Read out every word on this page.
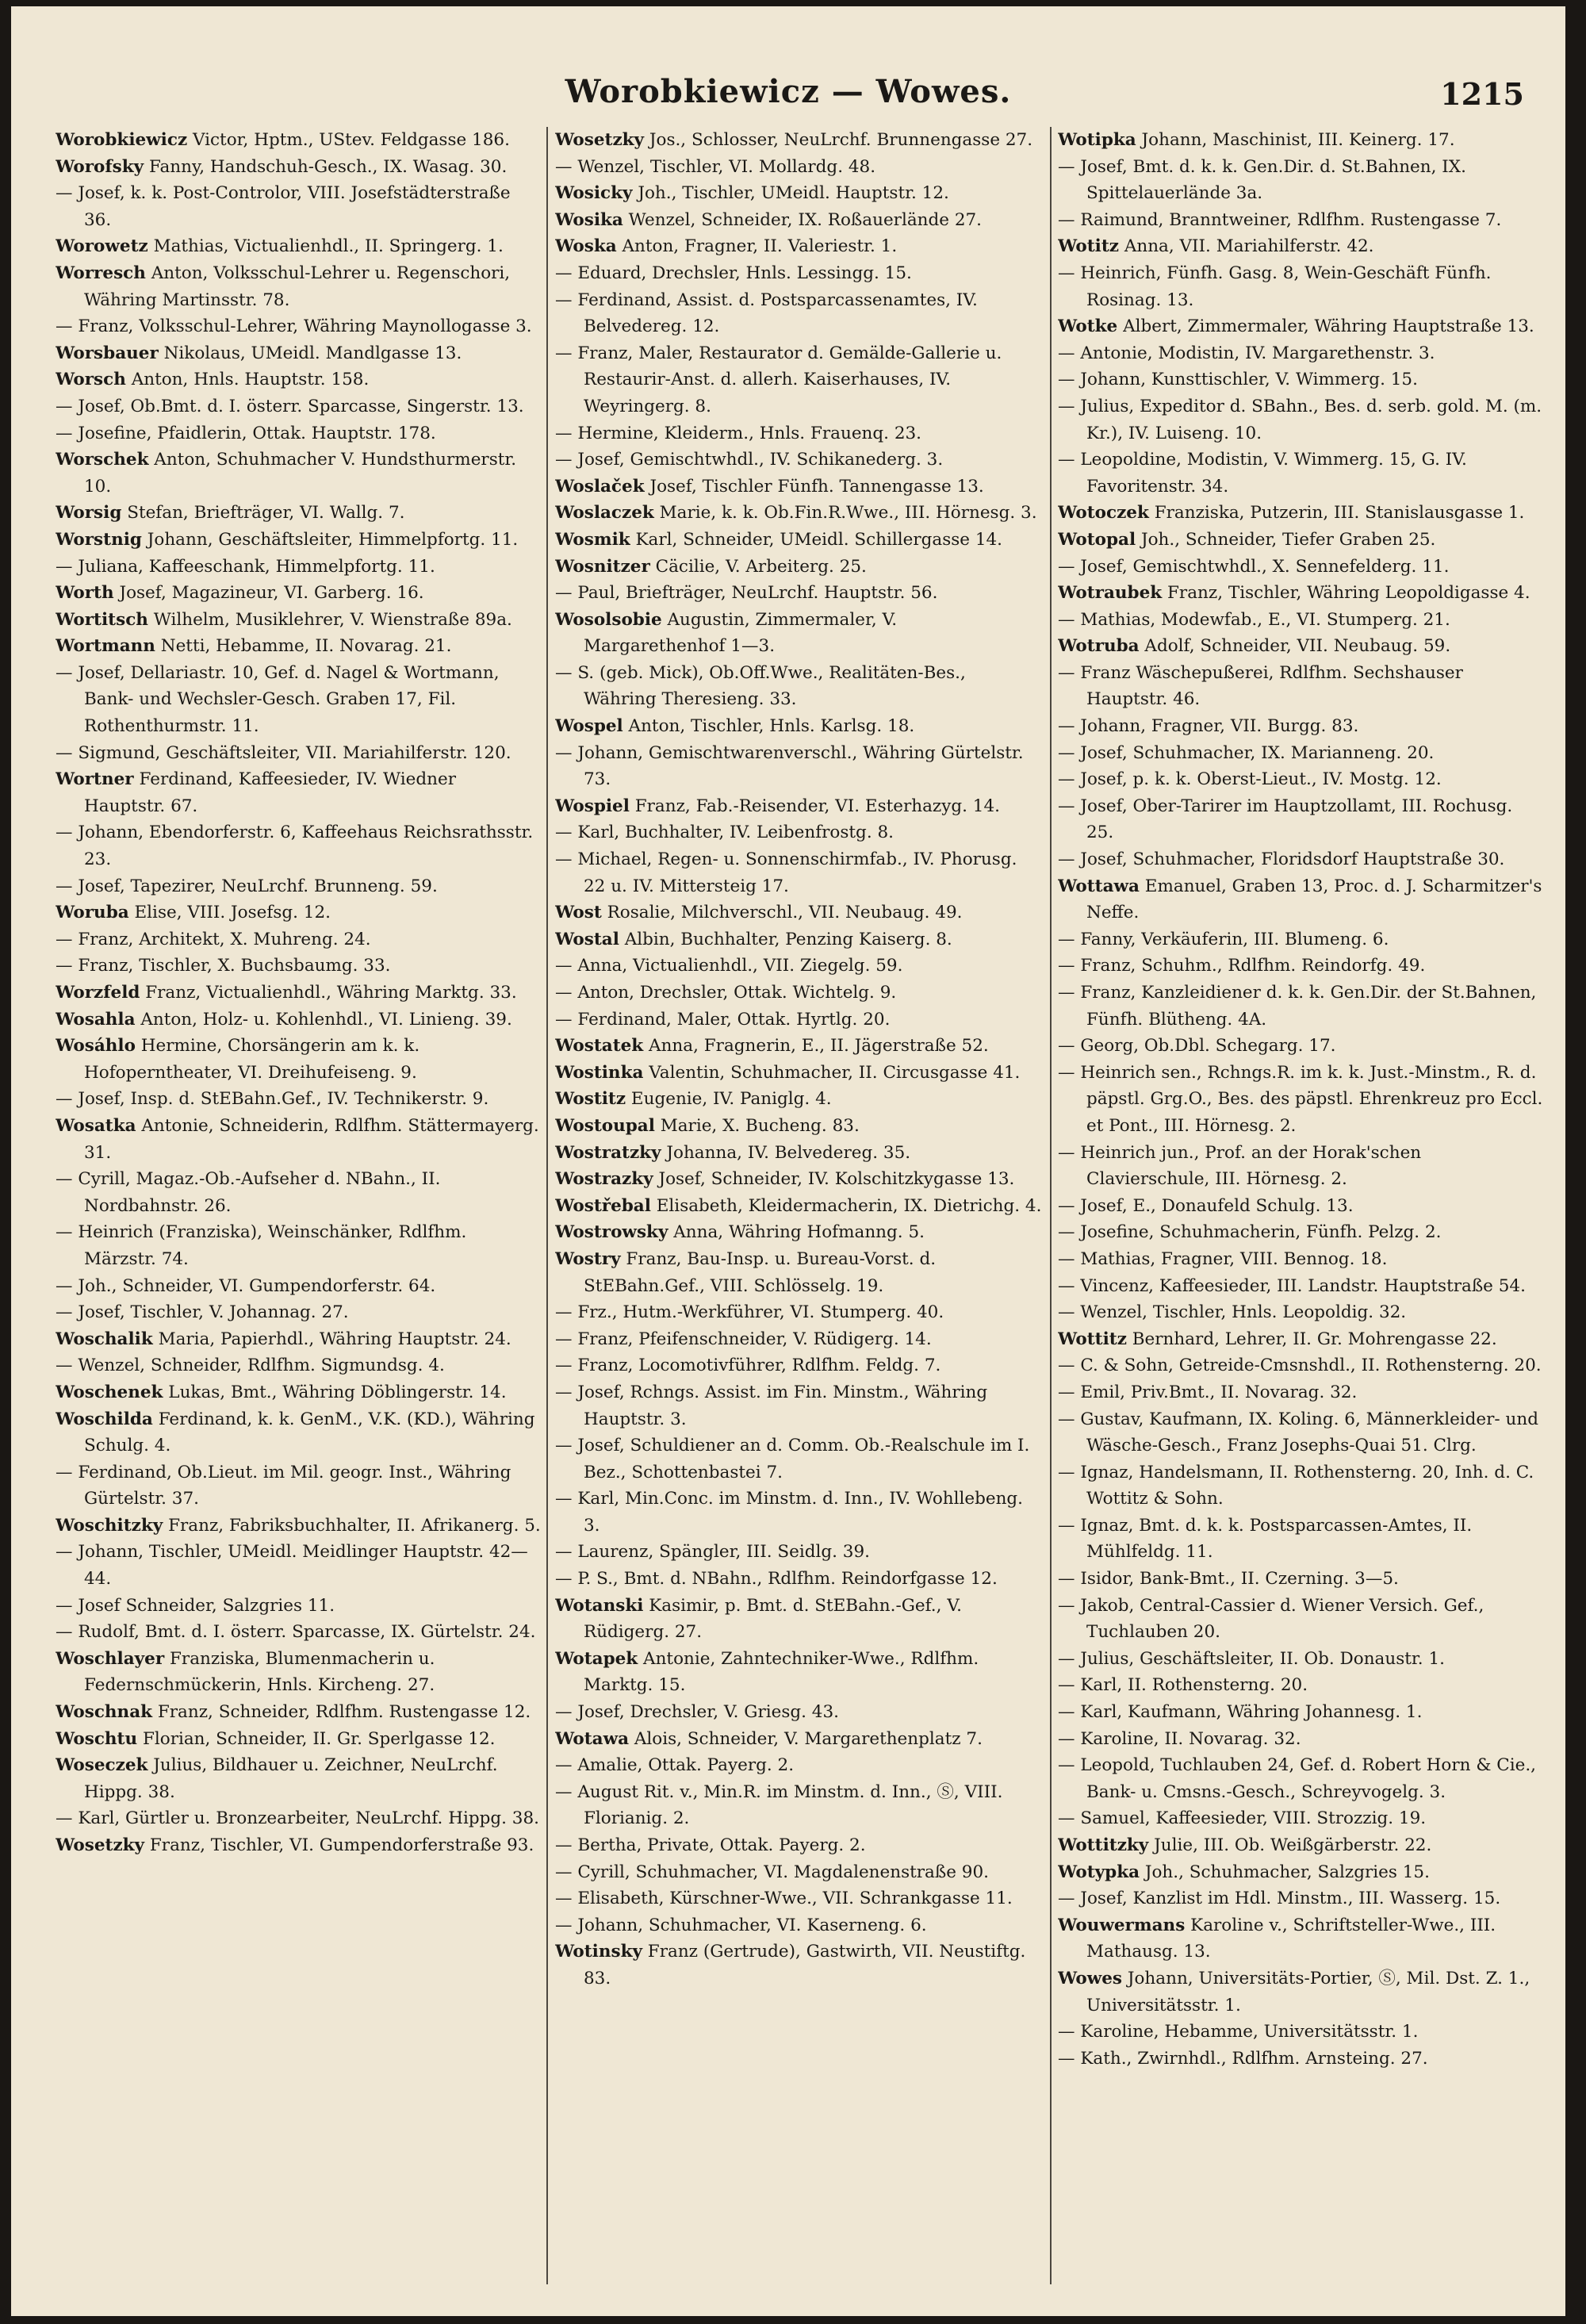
Worobkiewicz — Wowes.	1215

Worobkiewicz Victor, Hptm., UStev. Feldgasse 186.

Worofsky Fanny, Handschuh-Gesch., IX. Wasag. 30.

— Josef, k. k. Post-Controlor, VIII. Josefstädterstraße 36.

Worowetz Mathias, Victualienhdl., II. Springerg. 1.

Worresch Anton, Volksschul-Lehrer u. Regenschori, Währing Martinsstr. 78.

— Franz, Volksschul-Lehrer, Währing Maynollogasse 3.

Worsbauer Nikolaus, UMeidl. Mandlgasse 13.

Worsch Anton, Hnls. Hauptstr. 158.

— Josef, Ob.Bmt. d. I. österr. Sparcasse, Singerstr. 13.

— Josefine, Pfaidlerin, Ottak. Hauptstr. 178.

Worschek Anton, Schuhmacher V. Hundsthurmerstr. 10.

Worsig Stefan, Briefträger, VI. Wallg. 7.

Worstnig Johann, Geschäftsleiter, Himmelpfortg. 11.

— Juliana, Kaffeeschank, Himmelpfortg. 11.

Worth Josef, Magazineur, VI. Garberg. 16.

Wortitsch Wilhelm, Musiklehrer, V. Wienstraße 89a.

Wortmann Netti, Hebamme, II. Novarag. 21.

— Josef, Dellariastr. 10, Gef. d. Nagel & Wortmann, Bank- und Wechsler-Gesch. Graben 17, Fil. Rothenthurmstr. 11.

— Sigmund, Geschäftsleiter, VII. Mariahilferstr. 120.

Wortner Ferdinand, Kaffeesieder, IV. Wiedner Hauptstr. 67.

— Johann, Ebendorferstr. 6, Kaffeehaus Reichsrathsstr. 23.

— Josef, Tapezirer, NeuLrchf. Brunneng. 59.

Woruba Elise, VIII. Josefsg. 12.

— Franz, Architekt, X. Muhreng. 24.

— Franz, Tischler, X. Buchsbaumg. 33.

Worzfeld Franz, Victualienhdl., Währing Marktg. 33.

Wosahla Anton, Holz- u. Kohlenhdl., VI. Linieng. 39.

Wosáhlo Hermine, Chorsängerin am k. k. Hofoperntheater, VI. Dreihufeiseng. 9.

— Josef, Insp. d. StEBahn.Gef., IV. Technikerstr. 9.

Wosatka Antonie, Schneiderin, Rdlfhm. Stättermayerg. 31.

— Cyrill, Magaz.-Ob.-Aufseher d. NBahn., II. Nordbahnstr. 26.

— Heinrich (Franziska), Weinschänker, Rdlfhm. Märzstr. 74.

— Joh., Schneider, VI. Gumpendorferstr. 64.

— Josef, Tischler, V. Johannag. 27.

Woschalik Maria, Papierhdl., Währing Hauptstr. 24.

— Wenzel, Schneider, Rdlfhm. Sigmundsg. 4.

Woschenek Lukas, Bmt., Währing Döblingerstr. 14.

Woschilda Ferdinand, k. k. GenM., V.K. (KD.), Währing Schulg. 4.

— Ferdinand, Ob.Lieut. im Mil. geogr. Inst., Währing Gürtelstr. 37.

Woschitzky Franz, Fabriksbuchhalter, II. Afrikanerg. 5.

— Johann, Tischler, UMeidl. Meidlinger Hauptstr. 42—44.

— Josef Schneider, Salzgries 11.

— Rudolf, Bmt. d. I. österr. Sparcasse, IX. Gürtelstr. 24.

Woschlayer Franziska, Blumenmacherin u. Federnschmückerin, Hnls. Kircheng. 27.

Woschnak Franz, Schneider, Rdlfhm. Rustengasse 12.

Woschtu Florian, Schneider, II. Gr. Sperlgasse 12.

Woseczek Julius, Bildhauer u. Zeichner, NeuLrchf. Hippg. 38.

— Karl, Gürtler u. Bronzearbeiter, NeuLrchf. Hippg. 38.

Wosetzky Franz, Tischler, VI. Gumpendorferstraße 93.

Wosetzky Jos., Schlosser, NeuLrchf. Brunnengasse 27.

— Wenzel, Tischler, VI. Mollardg. 48.

Wosicky Joh., Tischler, UMeidl. Hauptstr. 12.

Wosika Wenzel, Schneider, IX. Roßauerlände 27.

Woska Anton, Fragner, II. Valeriestr. 1.

— Eduard, Drechsler, Hnls. Lessingg. 15.

— Ferdinand, Assist. d. Postsparcassenamtes, IV. Belvedereg. 12.

— Franz, Maler, Restaurator d. Gemälde-Gallerie u. Restaurir-Anst. d. allerh. Kaiserhauses, IV. Weyringerg. 8.

— Hermine, Kleiderm., Hnls. Frauenq. 23.

— Josef, Gemischtwhdl., IV. Schikanederg. 3.

Woslaček Josef, Tischler Fünfh. Tannengasse 13.

Woslaczek Marie, k. k. Ob.Fin.R.Wwe., III. Hörnesg. 3.

Wosmik Karl, Schneider, UMeidl. Schillergasse 14.

Wosnitzer Cäcilie, V. Arbeiterg. 25.

— Paul, Briefträger, NeuLrchf. Hauptstr. 56.

Wosolsobie Augustin, Zimmermaler, V. Margarethenhof 1—3.

— S. (geb. Mick), Ob.Off.Wwe., Realitäten-Bes., Währing Theresieng. 33.

Wospel Anton, Tischler, Hnls. Karlsg. 18.

— Johann, Gemischtwarenverschl., Währing Gürtelstr. 73.

Wospiel Franz, Fab.-Reisender, VI. Esterhazyg. 14.

— Karl, Buchhalter, IV. Leibenfrostg. 8.

— Michael, Regen- u. Sonnenschirmfab., IV. Phorusg. 22 u. IV. Mittersteig 17.

Wost Rosalie, Milchverschl., VII. Neubaug. 49.

Wostal Albin, Buchhalter, Penzing Kaiserg. 8.

— Anna, Victualienhdl., VII. Ziegelg. 59.

— Anton, Drechsler, Ottak. Wichtelg. 9.

— Ferdinand, Maler, Ottak. Hyrtlg. 20.

Wostatek Anna, Fragnerin, E., II. Jägerstraße 52.

Wostinka Valentin, Schuhmacher, II. Circusgasse 41.

Wostitz Eugenie, IV. Paniglg. 4.

Wostoupal Marie, X. Bucheng. 83.

Wostratzky Johanna, IV. Belvedereg. 35.

Wostrazky Josef, Schneider, IV. Kolschitzkygasse 13.

Wostřebal Elisabeth, Kleidermacherin, IX. Dietrichg. 4.

Wostrowsky Anna, Währing Hofmanng. 5.

Wostry Franz, Bau-Insp. u. Bureau-Vorst. d. StEBahn.Gef., VIII. Schlösselg. 19.

— Frz., Hutm.-Werkführer, VI. Stumperg. 40.

— Franz, Pfeifenschneider, V. Rüdigerg. 14.

— Franz, Locomotivführer, Rdlfhm. Feldg. 7.

— Josef, Rchngs. Assist. im Fin. Minstm., Währing Hauptstr. 3.

— Josef, Schuldiener an d. Comm. Ob.-Realschule im I. Bez., Schottenbastei 7.

— Karl, Min.Conc. im Minstm. d. Inn., IV. Wohllebeng. 3.

— Laurenz, Spängler, III. Seidlg. 39.

— P. S., Bmt. d. NBahn., Rdlfhm. Reindorfgasse 12.

Wotanski Kasimir, p. Bmt. d. StEBahn.-Gef., V. Rüdigerg. 27.

Wotapek Antonie, Zahntechniker-Wwe., Rdlfhm. Marktg. 15.

— Josef, Drechsler, V. Griesg. 43.

Wotawa Alois, Schneider, V. Margarethenplatz 7.

— Amalie, Ottak. Payerg. 2.

— August Rit. v., Min.R. im Minstm. d. Inn., Ⓢ, VIII. Florianig. 2.

— Bertha, Private, Ottak. Payerg. 2.

— Cyrill, Schuhmacher, VI. Magdalenenstraße 90.

— Elisabeth, Kürschner-Wwe., VII. Schrankgasse 11.

— Johann, Schuhmacher, VI. Kaserneng. 6.

Wotinsky Franz (Gertrude), Gastwirth, VII. Neustiftg. 83.

Wotipka Johann, Maschinist, III. Keinerg. 17.

— Josef, Bmt. d. k. k. Gen.Dir. d. St.Bahnen, IX. Spittelauerlände 3a.

— Raimund, Branntweiner, Rdlfhm. Rustengasse 7.

Wotitz Anna, VII. Mariahilferstr. 42.

— Heinrich, Fünfh. Gasg. 8, Wein-Geschäft Fünfh. Rosinag. 13.

Wotke Albert, Zimmermaler, Währing Hauptstraße 13.

— Antonie, Modistin, IV. Margarethenstr. 3.

— Johann, Kunsttischler, V. Wimmerg. 15.

— Julius, Expeditor d. SBahn., Bes. d. serb. gold. M. (m. Kr.), IV. Luiseng. 10.

— Leopoldine, Modistin, V. Wimmerg. 15, G. IV. Favoritenstr. 34.

Wotoczek Franziska, Putzerin, III. Stanislausgasse 1.

Wotopal Joh., Schneider, Tiefer Graben 25.

— Josef, Gemischtwhdl., X. Sennefelderg. 11.

Wotraubek Franz, Tischler, Währing Leopoldigasse 4.

— Mathias, Modewfab., E., VI. Stumperg. 21.

Wotruba Adolf, Schneider, VII. Neubaug. 59.

— Franz Wäschepußerei, Rdlfhm. Sechshauser Hauptstr. 46.

— Johann, Fragner, VII. Burgg. 83.

— Josef, Schuhmacher, IX. Marianneng. 20.

— Josef, p. k. k. Oberst-Lieut., IV. Mostg. 12.

— Josef, Ober-Tarirer im Hauptzollamt, III. Rochusg. 25.

— Josef, Schuhmacher, Floridsdorf Hauptstraße 30.

Wottawa Emanuel, Graben 13, Proc. d. J. Scharmitzer's Neffe.

— Fanny, Verkäuferin, III. Blumeng. 6.

— Franz, Schuhm., Rdlfhm. Reindorfg. 49.

— Franz, Kanzleidiener d. k. k. Gen.Dir. der St.Bahnen, Fünfh. Blütheng. 4A.

— Georg, Ob.Dbl. Schegarg. 17.

— Heinrich sen., Rchngs.R. im k. k. Just.-Minstm., R. d. päpstl. Grg.O., Bes. des päpstl. Ehrenkreuz pro Eccl. et Pont., III. Hörnesg. 2.

— Heinrich jun., Prof. an der Horak'schen Clavierschule, III. Hörnesg. 2.

— Josef, E., Donaufeld Schulg. 13.

— Josefine, Schuhmacherin, Fünfh. Pelzg. 2.

— Mathias, Fragner, VIII. Bennog. 18.

— Vincenz, Kaffeesieder, III. Landstr. Hauptstraße 54.

— Wenzel, Tischler, Hnls. Leopoldig. 32.

Wottitz Bernhard, Lehrer, II. Gr. Mohrengasse 22.

— C. & Sohn, Getreide-Cmsnshdl., II. Rothensterng. 20.

— Emil, Priv.Bmt., II. Novarag. 32.

— Gustav, Kaufmann, IX. Koling. 6, Männerkleider- und Wäsche-Gesch., Franz Josephs-Quai 51. Clrg.

— Ignaz, Handelsmann, II. Rothensterng. 20, Inh. d. C. Wottitz & Sohn.

— Ignaz, Bmt. d. k. k. Postsparcassen-Amtes, II. Mühlfeldg. 11.

— Isidor, Bank-Bmt., II. Czerning. 3—5.

— Jakob, Central-Cassier d. Wiener Versich. Gef., Tuchlauben 20.

— Julius, Geschäftsleiter, II. Ob. Donaustr. 1.

— Karl, II. Rothensterng. 20.

— Karl, Kaufmann, Währing Johannesg. 1.

— Karoline, II. Novarag. 32.

— Leopold, Tuchlauben 24, Gef. d. Robert Horn & Cie., Bank- u. Cmsns.-Gesch., Schreyvogelg. 3.

— Samuel, Kaffeesieder, VIII. Strozzig. 19.

Wottitzky Julie, III. Ob. Weißgärberstr. 22.

Wotypka Joh., Schuhmacher, Salzgries 15.

— Josef, Kanzlist im Hdl. Minstm., III. Wasserg. 15.

Wouwermans Karoline v., Schriftsteller-Wwe., III. Mathausg. 13.

Wowes Johann, Universitäts-Portier, Ⓢ, Mil. Dst. Z. 1., Universitätsstr. 1.

— Karoline, Hebamme, Universitätsstr. 1.

— Kath., Zwirnhdl., Rdlfhm. Arnsteing. 27.
